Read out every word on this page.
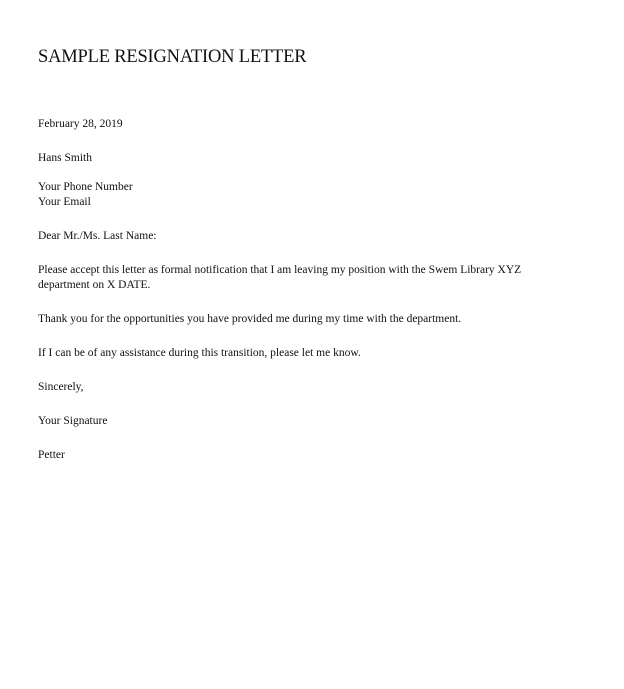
SAMPLE RESIGNATION LETTER

February 28, 2019

Hans Smith

Your Phone Number

Your Email

Dear Mr./Ms. Last Name:

Please accept this letter as formal notification that I am leaving my position with the Swem Library XYZ

department on X DATE.

Thank you for the opportunities you have provided me during my time with the department.

If I can be of any assistance during this transition, please let me know.

Sincerely,

Your Signature

Petter
